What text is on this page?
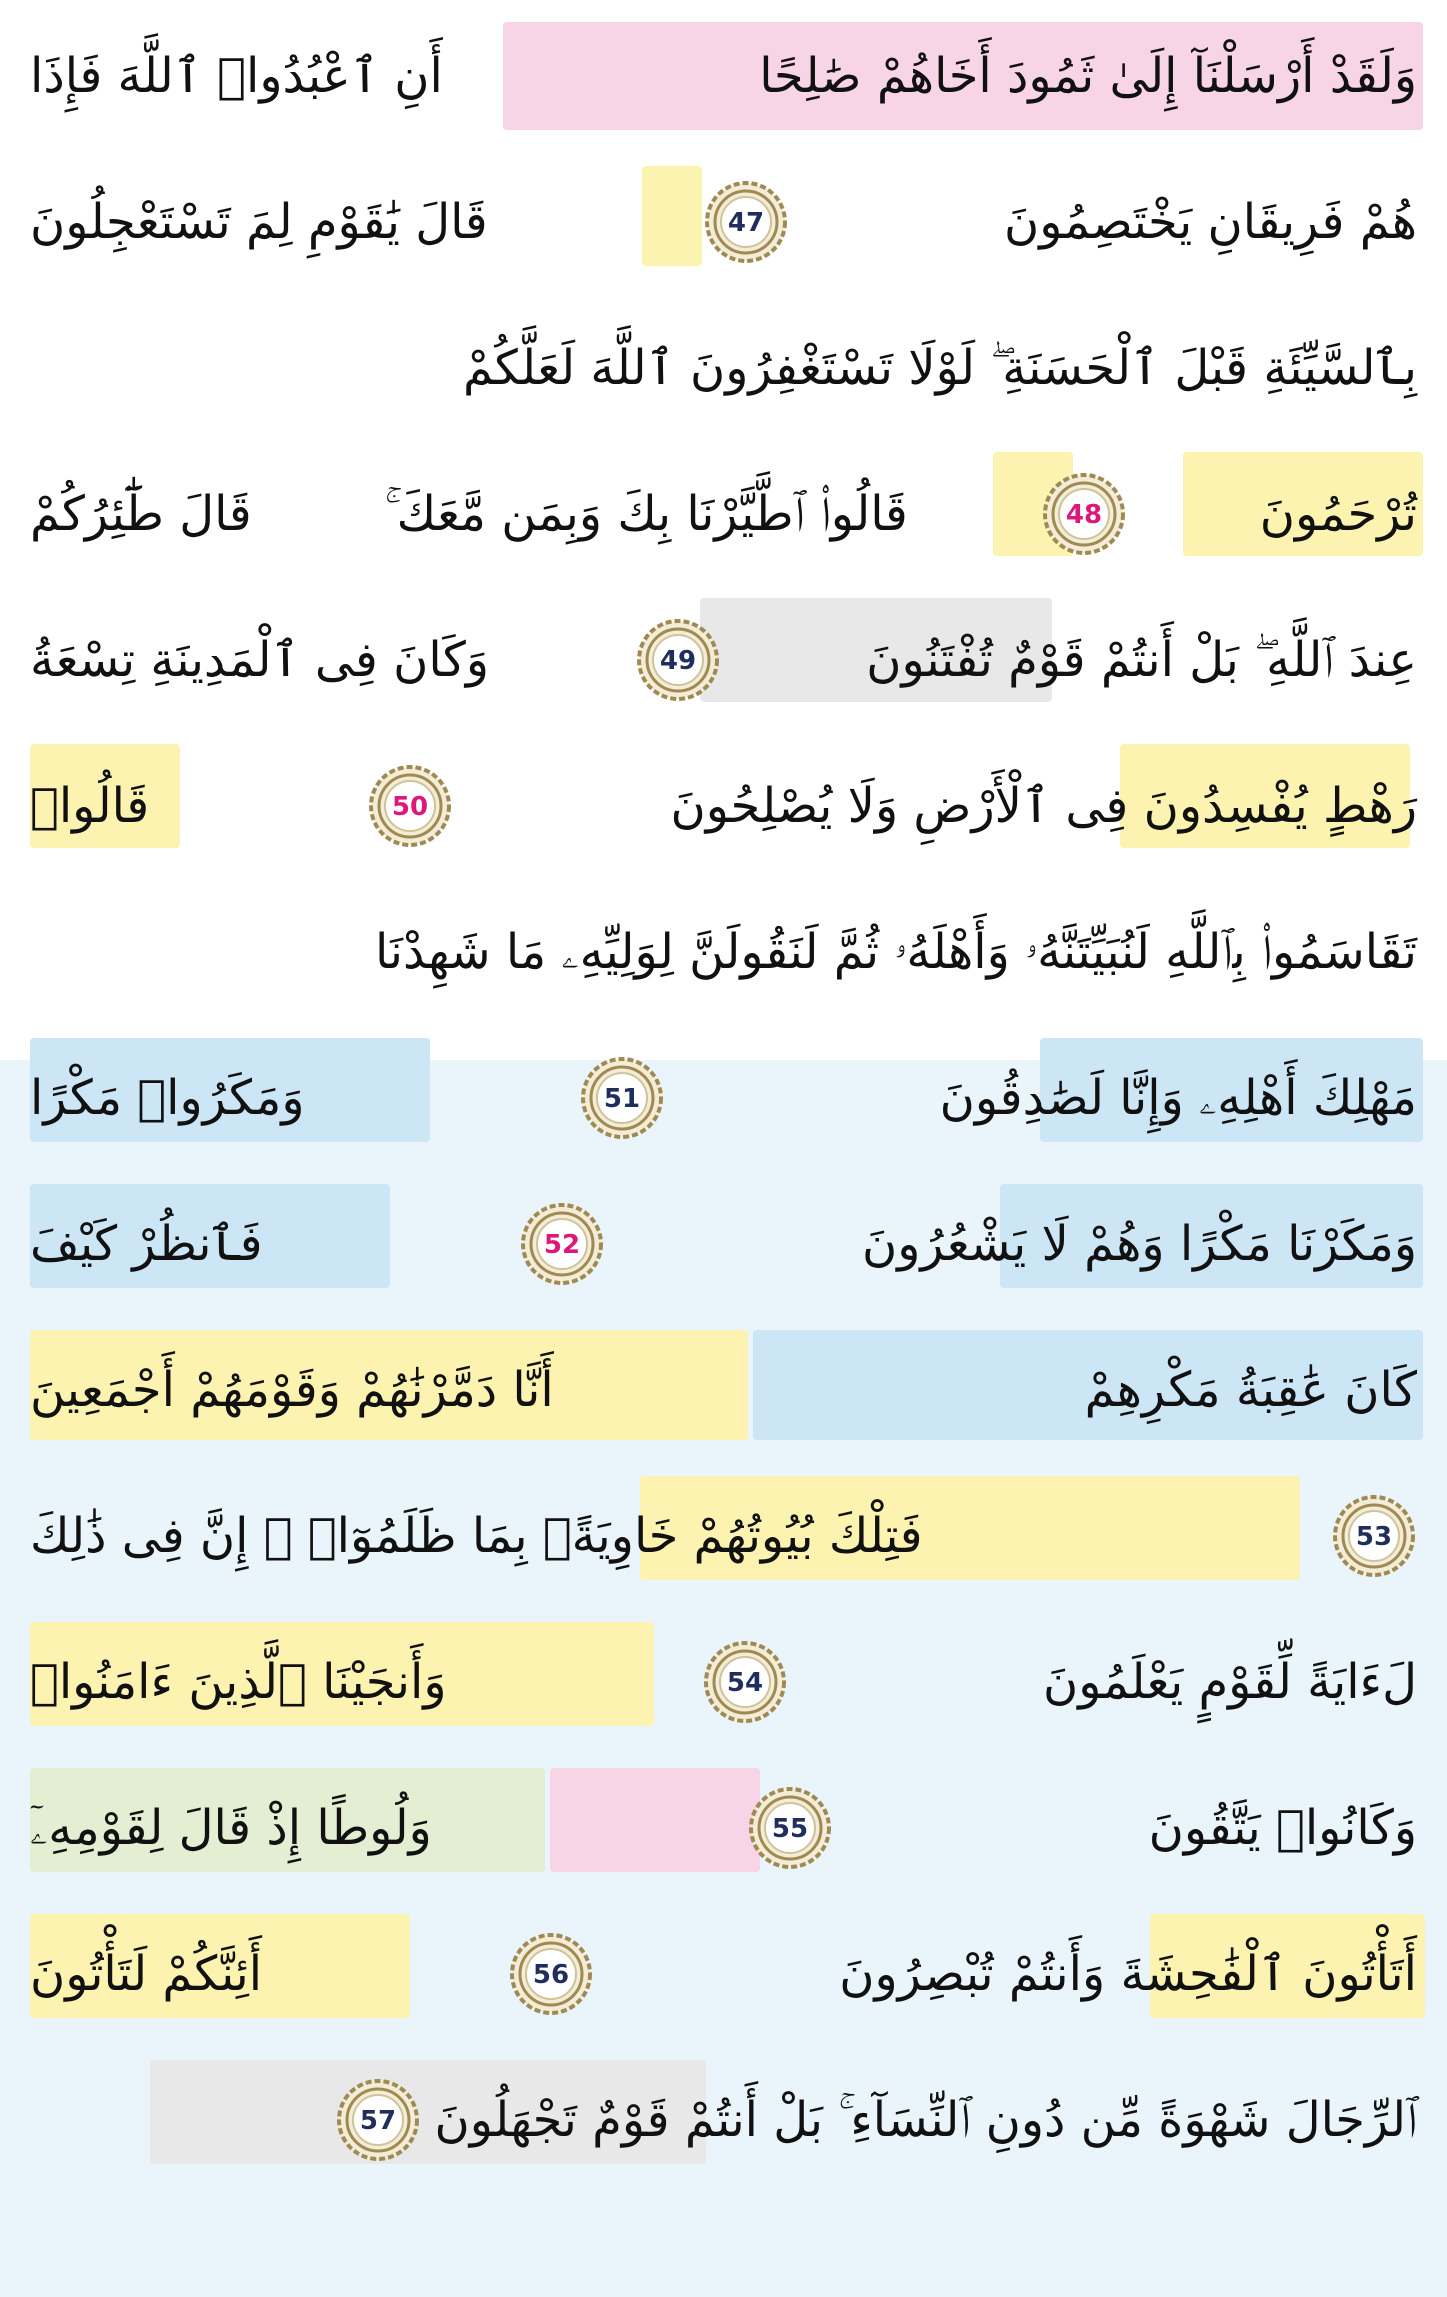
وَلَقَدْ أَرْسَلْنَآ إِلَىٰ ثَمُودَ أَخَاهُمْ صَٰلِحًا
أَنِ ٱعْبُدُوا۟ ٱللَّهَ فَإِذَا
هُمْ فَرِيقَانِ يَخْتَصِمُونَ
47
قَالَ يَٰقَوْمِ لِمَ تَسْتَعْجِلُونَ
بِٱلسَّيِّئَةِ قَبْلَ ٱلْحَسَنَةِ ۖ لَوْلَا تَسْتَغْفِرُونَ ٱللَّهَ لَعَلَّكُمْ
تُرْحَمُونَ
48
قَالُوا۟ ٱطَّيَّرْنَا بِكَ وَبِمَن مَّعَكَ ۚ
قَالَ طَٰٓئِرُكُمْ
عِندَ ٱللَّهِ ۖ بَلْ أَنتُمْ قَوْمٌ تُفْتَنُونَ
49
وَكَانَ فِى ٱلْمَدِينَةِ تِسْعَةُ
رَهْطٍ يُفْسِدُونَ فِى ٱلْأَرْضِ وَلَا يُصْلِحُونَ
50
قَالُوا۟
تَقَاسَمُوا۟ بِٱللَّهِ لَنُبَيِّتَنَّهُۥ وَأَهْلَهُۥ ثُمَّ لَنَقُولَنَّ لِوَلِيِّهِۦ مَا شَهِدْنَا
مَهْلِكَ أَهْلِهِۦ وَإِنَّا لَصَٰدِقُونَ
51
وَمَكَرُوا۟ مَكْرًا
وَمَكَرْنَا مَكْرًا وَهُمْ لَا يَشْعُرُونَ
52
فَٱنظُرْ كَيْفَ
كَانَ عَٰقِبَةُ مَكْرِهِمْ
أَنَّا دَمَّرْنَٰهُمْ وَقَوْمَهُمْ أَجْمَعِينَ
53
فَتِلْكَ بُيُوتُهُمْ خَاوِيَةًۢ بِمَا ظَلَمُوٓا۟ ۗ إِنَّ فِى ذَٰلِكَ
لَءَايَةً لِّقَوْمٍ يَعْلَمُونَ
54
وَأَنجَيْنَا ٱلَّذِينَ ءَامَنُوا۟
وَكَانُوا۟ يَتَّقُونَ
55
وَلُوطًا إِذْ قَالَ لِقَوْمِهِۦٓ
أَتَأْتُونَ ٱلْفَٰحِشَةَ وَأَنتُمْ تُبْصِرُونَ
56
أَئِنَّكُمْ لَتَأْتُونَ
ٱلرِّجَالَ شَهْوَةً مِّن دُونِ ٱلنِّسَآءِ ۚ بَلْ أَنتُمْ قَوْمٌ تَجْهَلُونَ
57
